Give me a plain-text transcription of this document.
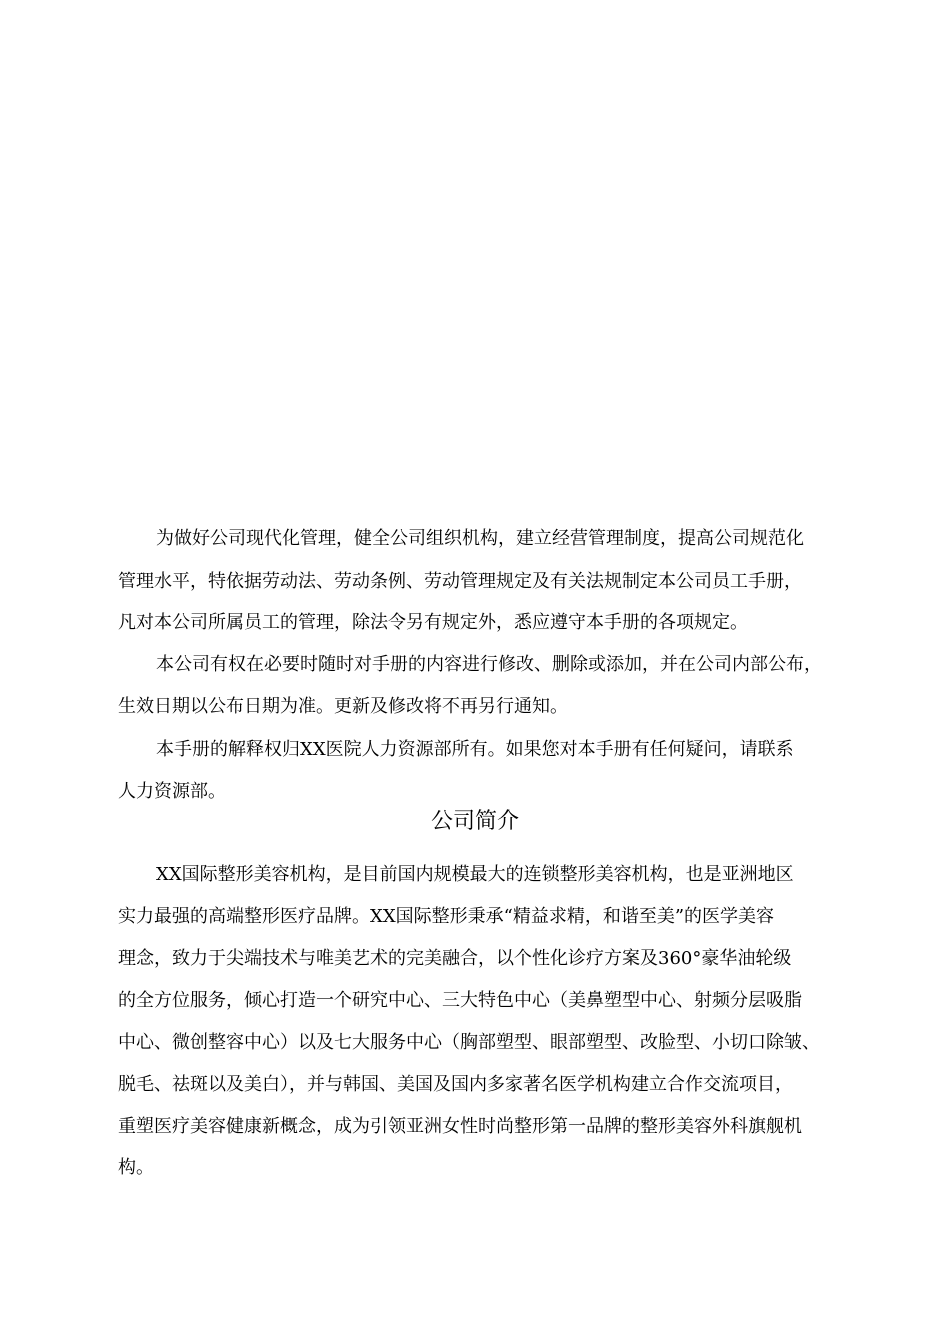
为做好公司现代化管理，健全公司组织机构，建立经营管理制度，提高公司规范化
管理水平，特依据劳动法、劳动条例、劳动管理规定及有关法规制定本公司员工手册，
凡对本公司所属员工的管理，除法令另有规定外，悉应遵守本手册的各项规定。
本公司有权在必要时随时对手册的内容进行修改、删除或添加，并在公司内部公布，
生效日期以公布日期为准。更新及修改将不再另行通知。
本手册的解释权归XX医院人力资源部所有。如果您对本手册有任何疑问，请联系
人力资源部。
公司简介
XX国际整形美容机构，是目前国内规模最大的连锁整形美容机构，也是亚洲地区
实力最强的高端整形医疗品牌。XX国际整形秉承“精益求精，和谐至美”的医学美容
理念，致力于尖端技术与唯美艺术的完美融合，以个性化诊疗方案及360°豪华油轮级
的全方位服务，倾心打造一个研究中心、三大特色中心（美鼻塑型中心、射频分层吸脂
中心、微创整容中心）以及七大服务中心（胸部塑型、眼部塑型、改脸型、小切口除皱、
脱毛、祛斑以及美白），并与韩国、美国及国内多家著名医学机构建立合作交流项目，
重塑医疗美容健康新概念，成为引领亚洲女性时尚整形第一品牌的整形美容外科旗舰机
构。
